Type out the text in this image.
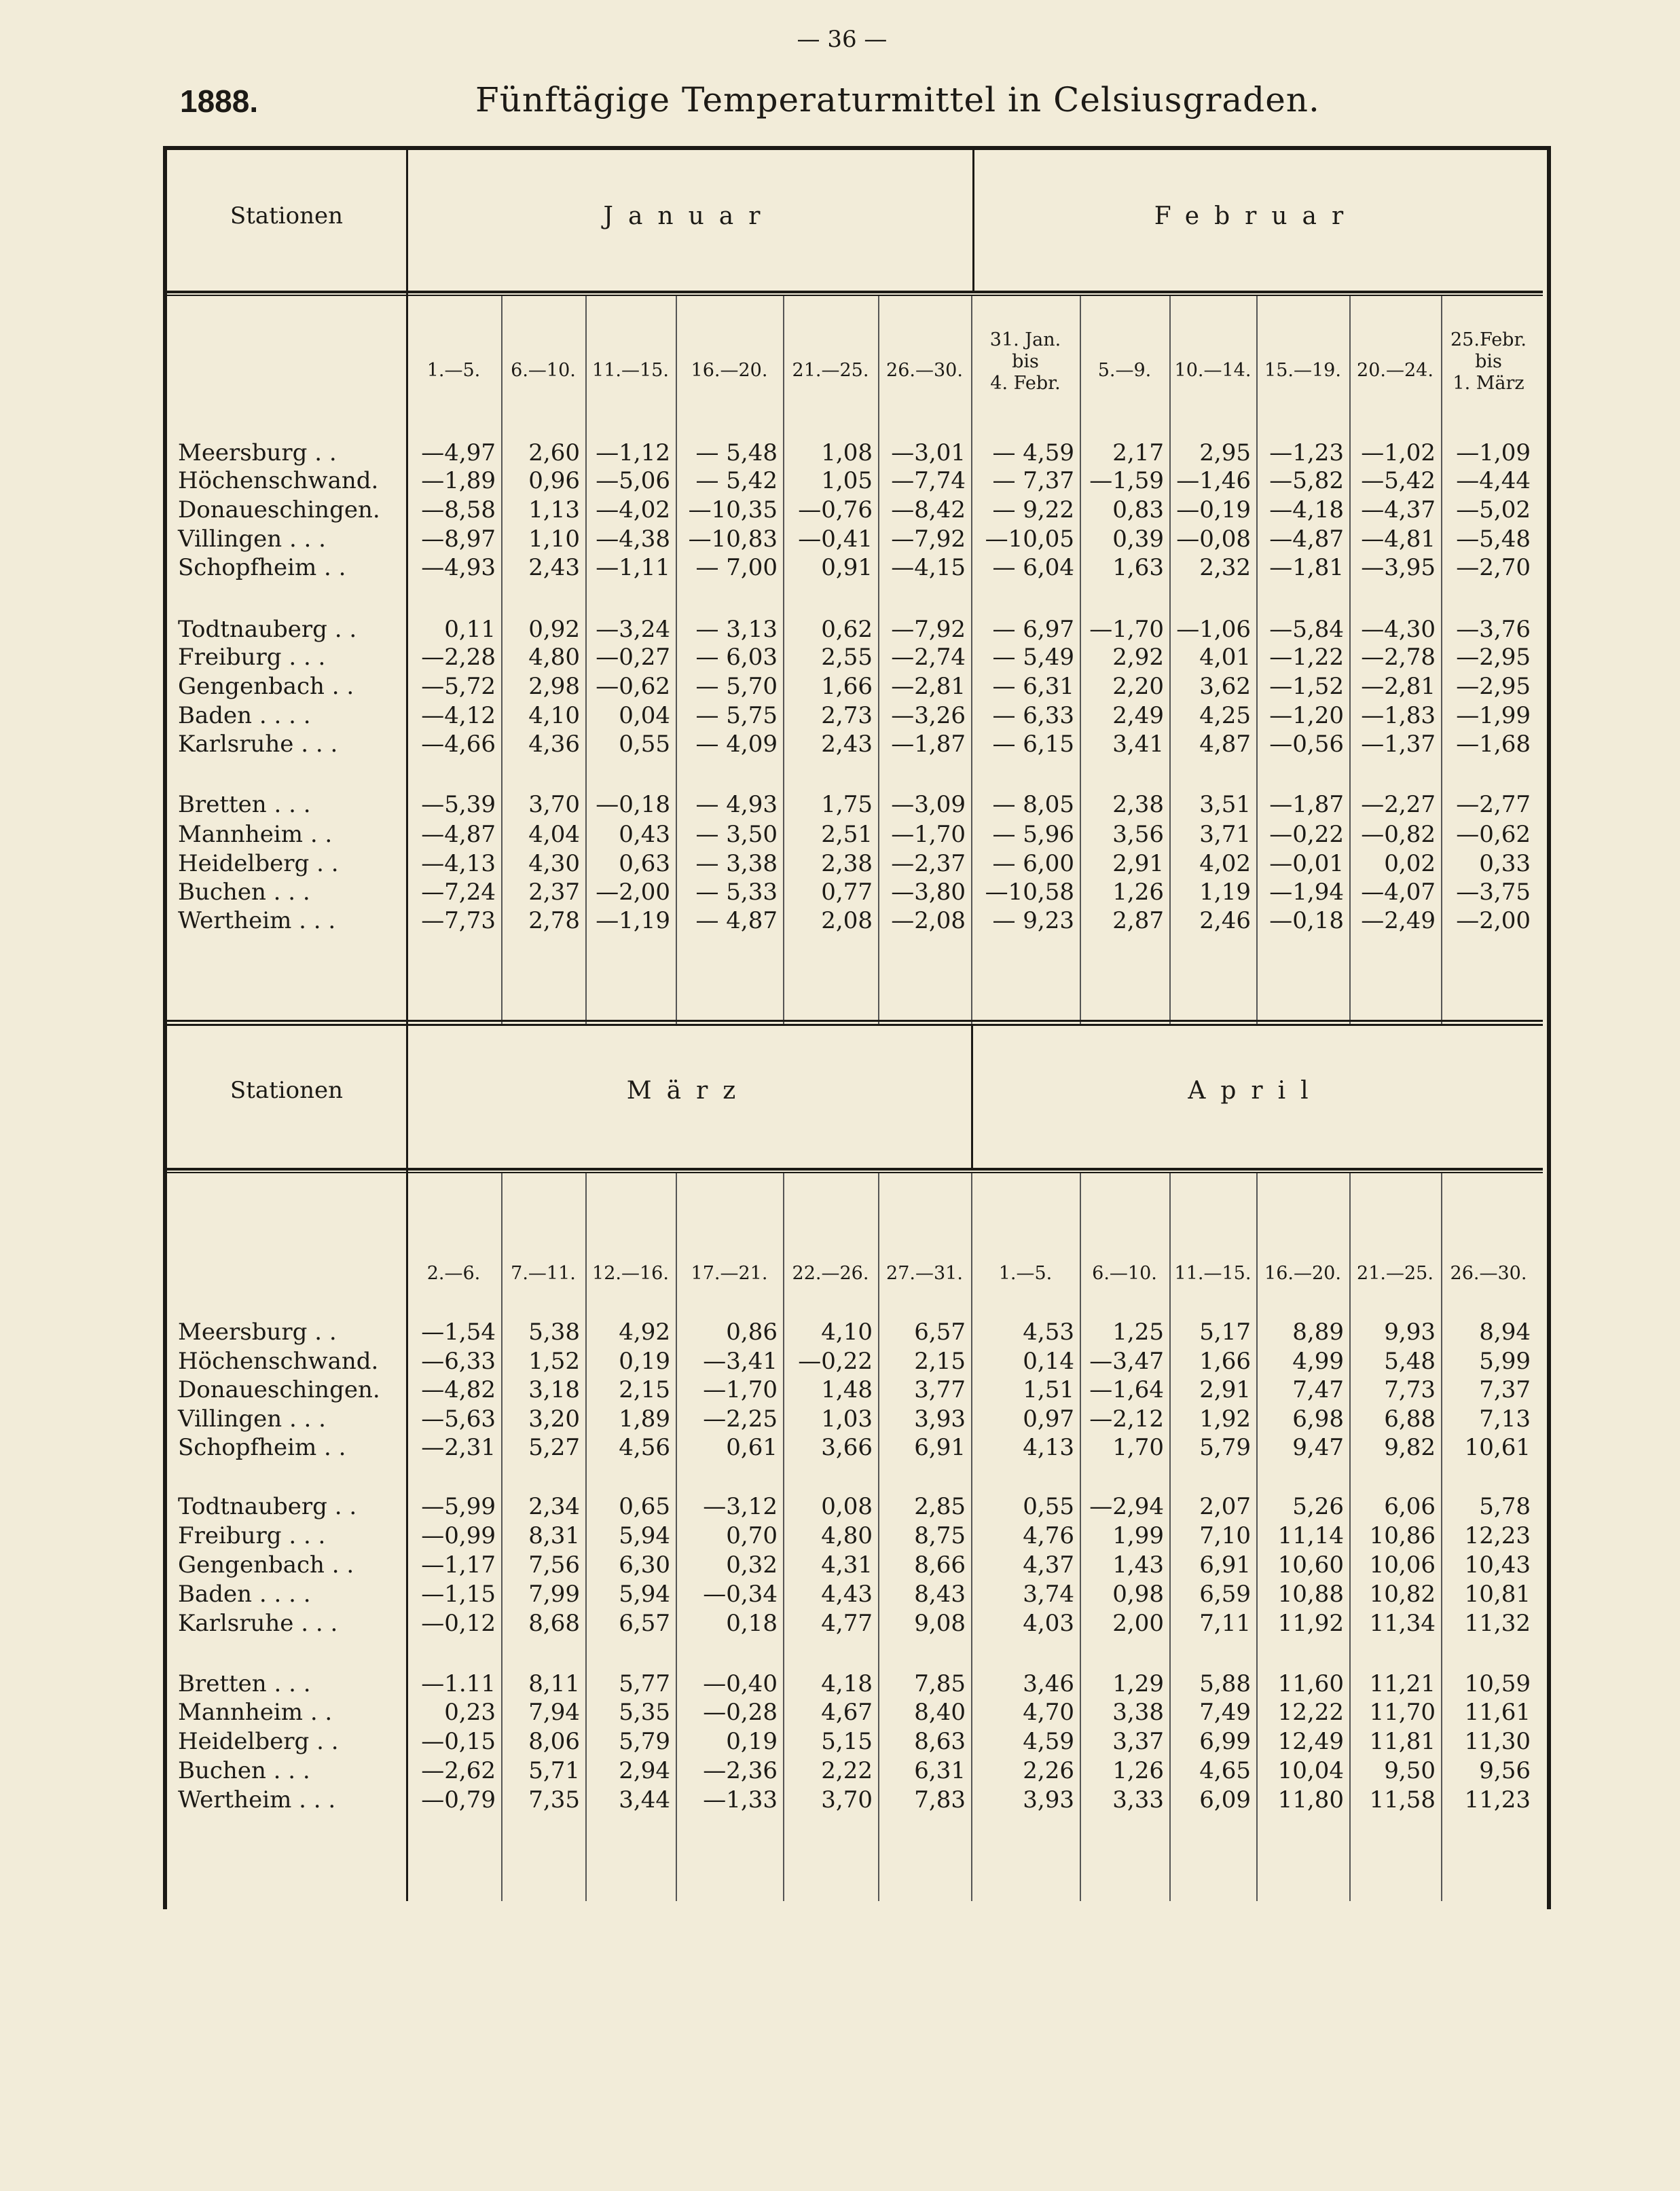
— 36 —
1888.	Fünftägige Temperaturmittel in Celsiusgraden.
Stationen	Januar	Februar
1.—5.	6.—10. 11.—15.	16.—20.	21.—25. 26.—30.
31. Jan.
bis
4. Febr.
5.—9.	10.—14. 15.—19. 20.—24.
25.Febr.
bis
1. März
Meersburg . .	—4,97	2,60 —1,12	— 5,48	1,08 —3,01	— 4,59	2,17	2,95 —1,23 —1,02 —1,09
Höchenschwand.	—1,89	0,96 —5,06	— 5,42	1,05 —7,74	— 7,37 —1,59 —1,46 —5,82 —5,42 —4,44
Donaueschingen.	—8,58	1,13 —4,02 —10,35 —0,76 —8,42	— 9,22	0,83 —0,19 —4,18 —4,37 —5,02
Villingen . . .	—8,97	1,10 —4,38 —10,83 —0,41 —7,92 —10,05	0,39 —0,08 —4,87 —4,81 —5,48
Schopfheim . .	—4,93	2,43 —1,11	— 7,00	0,91 —4,15	— 6,04	1,63	2,32 —1,81 —3,95 —2,70
Todtnauberg . .	0,11	0,92 —3,24	— 3,13	0,62 —7,92	— 6,97 —1,70 —1,06 —5,84 —4,30 —3,76
Freiburg . . .	—2,28	4,80 —0,27	— 6,03	2,55 —2,74	— 5,49	2,92	4,01 —1,22 —2,78 —2,95
Gengenbach . .	—5,72	2,98 —0,62	— 5,70	1,66 —2,81	— 6,31	2,20	3,62 —1,52 —2,81 —2,95
Baden . . . .	—4,12	4,10	0,04	— 5,75	2,73 —3,26	— 6,33	2,49	4,25 —1,20 —1,83 —1,99
Karlsruhe . . .	—4,66	4,36	0,55	— 4,09	2,43 —1,87	— 6,15	3,41	4,87 —0,56 —1,37 —1,68
Bretten . . .	—5,39	3,70 —0,18	— 4,93	1,75 —3,09	— 8,05	2,38	3,51 —1,87 —2,27 —2,77
Mannheim . .	—4,87	4,04	0,43	— 3,50	2,51 —1,70	— 5,96	3,56	3,71 —0,22 —0,82 —0,62
Heidelberg . .	—4,13	4,30	0,63	— 3,38	2,38 —2,37	— 6,00	2,91	4,02 —0,01	0,02	0,33
Buchen . . .	—7,24	2,37 —2,00	— 5,33	0,77 —3,80 —10,58	1,26	1,19 —1,94 —4,07 —3,75
Wertheim . . .	—7,73	2,78 —1,19	— 4,87	2,08 —2,08	— 9,23	2,87	2,46 —0,18 —2,49 —2,00
Stationen	März	April
2.—6.	7.—11. 12.—16.	17.—21.	22.—26. 27.—31.	1.—5.	6.—10. 11.—15. 16.—20. 21.—25. 26.—30.
Meersburg . .	—1,54	5,38	4,92	0,86	4,10	6,57	4,53	1,25	5,17	8,89	9,93	8,94
Höchenschwand.	—6,33	1,52	0,19	—3,41 —0,22	2,15	0,14 —3,47	1,66	4,99	5,48	5,99
Donaueschingen.	—4,82	3,18	2,15	—1,70	1,48	3,77	1,51 —1,64	2,91	7,47	7,73	7,37
Villingen . . .	—5,63	3,20	1,89	—2,25	1,03	3,93	0,97 —2,12	1,92	6,98	6,88	7,13
Schopfheim . .	—2,31	5,27	4,56	0,61	3,66	6,91	4,13	1,70	5,79	9,47	9,82	10,61
Todtnauberg . .	—5,99	2,34	0,65	—3,12	0,08	2,85	0,55 —2,94	2,07	5,26	6,06	5,78
Freiburg . . .	—0,99	8,31	5,94	0,70	4,80	8,75	4,76	1,99	7,10	11,14	10,86	12,23
Gengenbach . .	—1,17	7,56	6,30	0,32	4,31	8,66	4,37	1,43	6,91	10,60	10,06	10,43
Baden . . . .	—1,15	7,99	5,94	—0,34	4,43	8,43	3,74	0,98	6,59	10,88	10,82	10,81
Karlsruhe . . .	—0,12	8,68	6,57	0,18	4,77	9,08	4,03	2,00	7,11	11,92	11,34	11,32
Bretten . . .	—1.11	8,11	5,77	—0,40	4,18	7,85	3,46	1,29	5,88	11,60	11,21	10,59
Mannheim . .	0,23	7,94	5,35	—0,28	4,67	8,40	4,70	3,38	7,49	12,22	11,70	11,61
Heidelberg . .	—0,15	8,06	5,79	0,19	5,15	8,63	4,59	3,37	6,99	12,49	11,81	11,30
Buchen . . .	—2,62	5,71	2,94	—2,36	2,22	6,31	2,26	1,26	4,65	10,04	9,50	9,56
Wertheim . . .	—0,79	7,35	3,44	—1,33	3,70	7,83	3,93	3,33	6,09	11,80	11,58	11,23
